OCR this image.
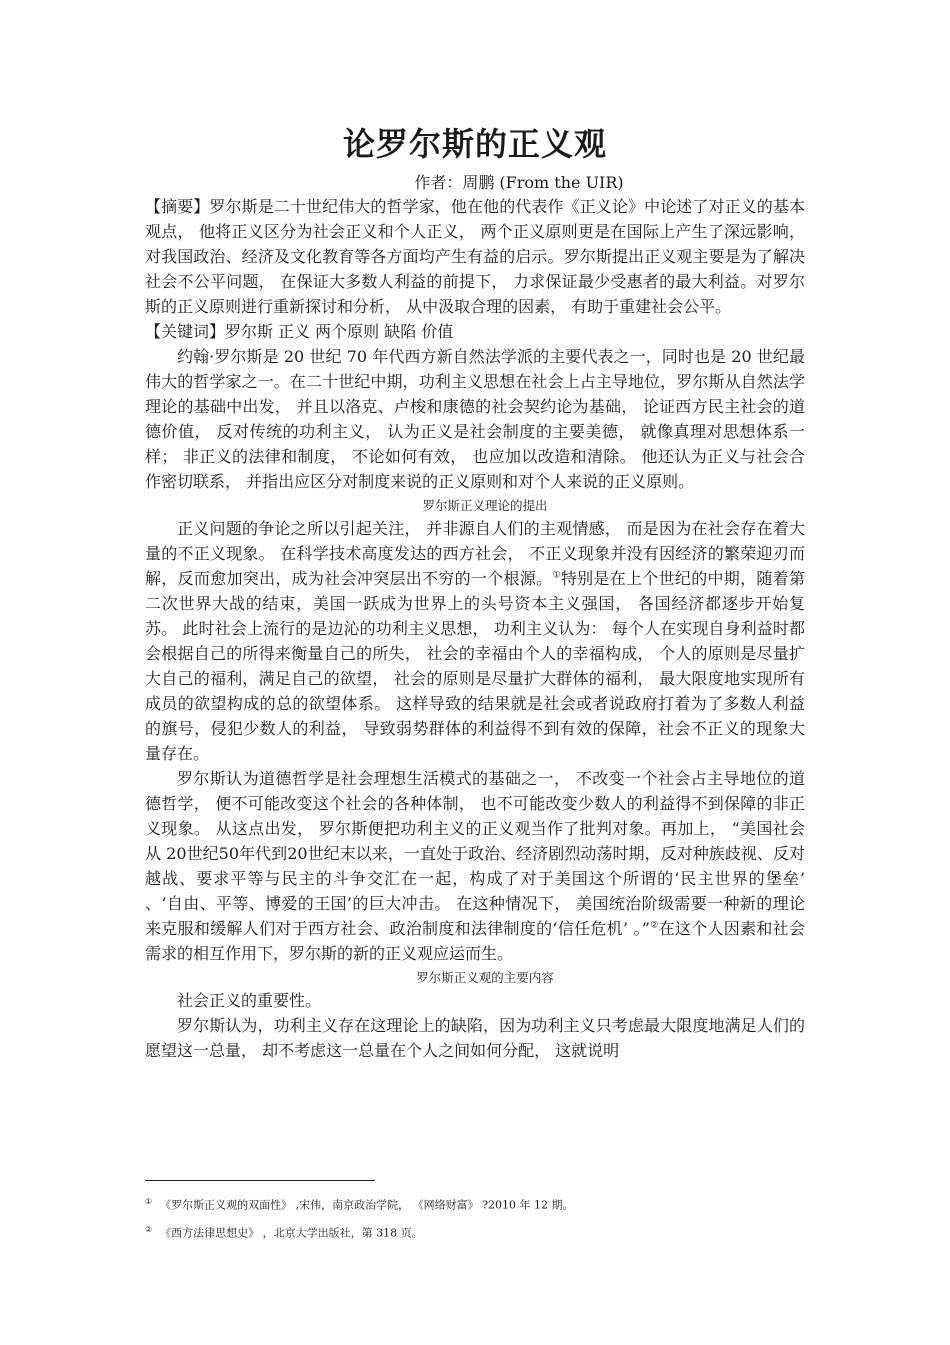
论罗尔斯的正义观
作者：周鹏 (From the UIR)

【摘要】罗尔斯是二十世纪伟大的哲学家，他在他的代表作《正义论》中论述了对正义的基本观点， 他将正义区分为社会正义和个人正义， 两个正义原则更是在国际上产生了深远影响， 对我国政治、经济及文化教育等各方面均产生有益的启示。罗尔斯提出正义观主要是为了解决社会不公平问题， 在保证大多数人利益的前提下， 力求保证最少受惠者的最大利益。对罗尔斯的正义原则进行重新探讨和分析， 从中汲取合理的因素， 有助于重建社会公平。

【关键词】罗尔斯 正义 两个原则 缺陷 价值

约翰·罗尔斯是 20 世纪 70 年代西方新自然法学派的主要代表之一，同时也是 20 世纪最伟大的哲学家之一。在二十世纪中期，功利主义思想在社会上占主导地位，罗尔斯从自然法学理论的基础中出发， 并且以洛克、卢梭和康德的社会契约论为基础， 论证西方民主社会的道德价值， 反对传统的功利主义， 认为正义是社会制度的主要美德， 就像真理对思想体系一样； 非正义的法律和制度， 不论如何有效， 也应加以改造和清除。 他还认为正义与社会合作密切联系， 并指出应区分对制度来说的正义原则和对个人来说的正义原则。

罗尔斯正义理论的提出

正义问题的争论之所以引起关注， 并非源自人们的主观情感， 而是因为在社会存在着大量的不正义现象。 在科学技术高度发达的西方社会， 不正义现象并没有因经济的繁荣迎刃而解，反而愈加突出，成为社会冲突层出不穷的一个根源。①特别是在上个世纪的中期，随着第二次世界大战的结束，美国一跃成为世界上的头号资本主义强国， 各国经济都逐步开始复苏。 此时社会上流行的是边沁的功利主义思想， 功利主义认为： 每个人在实现自身利益时都会根据自己的所得来衡量自己的所失， 社会的幸福由个人的幸福构成， 个人的原则是尽量扩大自己的福利，满足自己的欲望， 社会的原则是尽量扩大群体的福利， 最大限度地实现所有成员的欲望构成的总的欲望体系。 这样导致的结果就是社会或者说政府打着为了多数人利益的旗号，侵犯少数人的利益， 导致弱势群体的利益得不到有效的保障，社会不正义的现象大量存在。

罗尔斯认为道德哲学是社会理想生活模式的基础之一， 不改变一个社会占主导地位的道德哲学， 便不可能改变这个社会的各种体制， 也不可能改变少数人的利益得不到保障的非正义现象。 从这点出发， 罗尔斯便把功利主义的正义观当作了批判对象。再加上， “美国社会从 20世纪50年代到20世纪末以来，一直处于政治、经济剧烈动荡时期，反对种族歧视、反对越战、要求平等与民主的斗争交汇在一起，构成了对于美国这个所谓的‘民主世界的堡垒’ 、‘自由、平等、博爱的王国’的巨大冲击。 在这种情况下， 美国统治阶级需要一种新的理论来克服和缓解人们对于西方社会、政治制度和法律制度的‘信任危机’ 。”②在这个人因素和社会需求的相互作用下，罗尔斯的新的正义观应运而生。

罗尔斯正义观的主要内容

社会正义的重要性。

罗尔斯认为，功利主义存在这理论上的缺陷，因为功利主义只考虑最大限度地满足人们的愿望这一总量， 却不考虑这一总量在个人之间如何分配， 这就说明

① 《罗尔斯正义观的双面性》 ,宋伟，南京政治学院， 《网络财富》 ?2010 年 12 期。

② 《西方法律思想史》 ，北京大学出版社，第 318 页。
